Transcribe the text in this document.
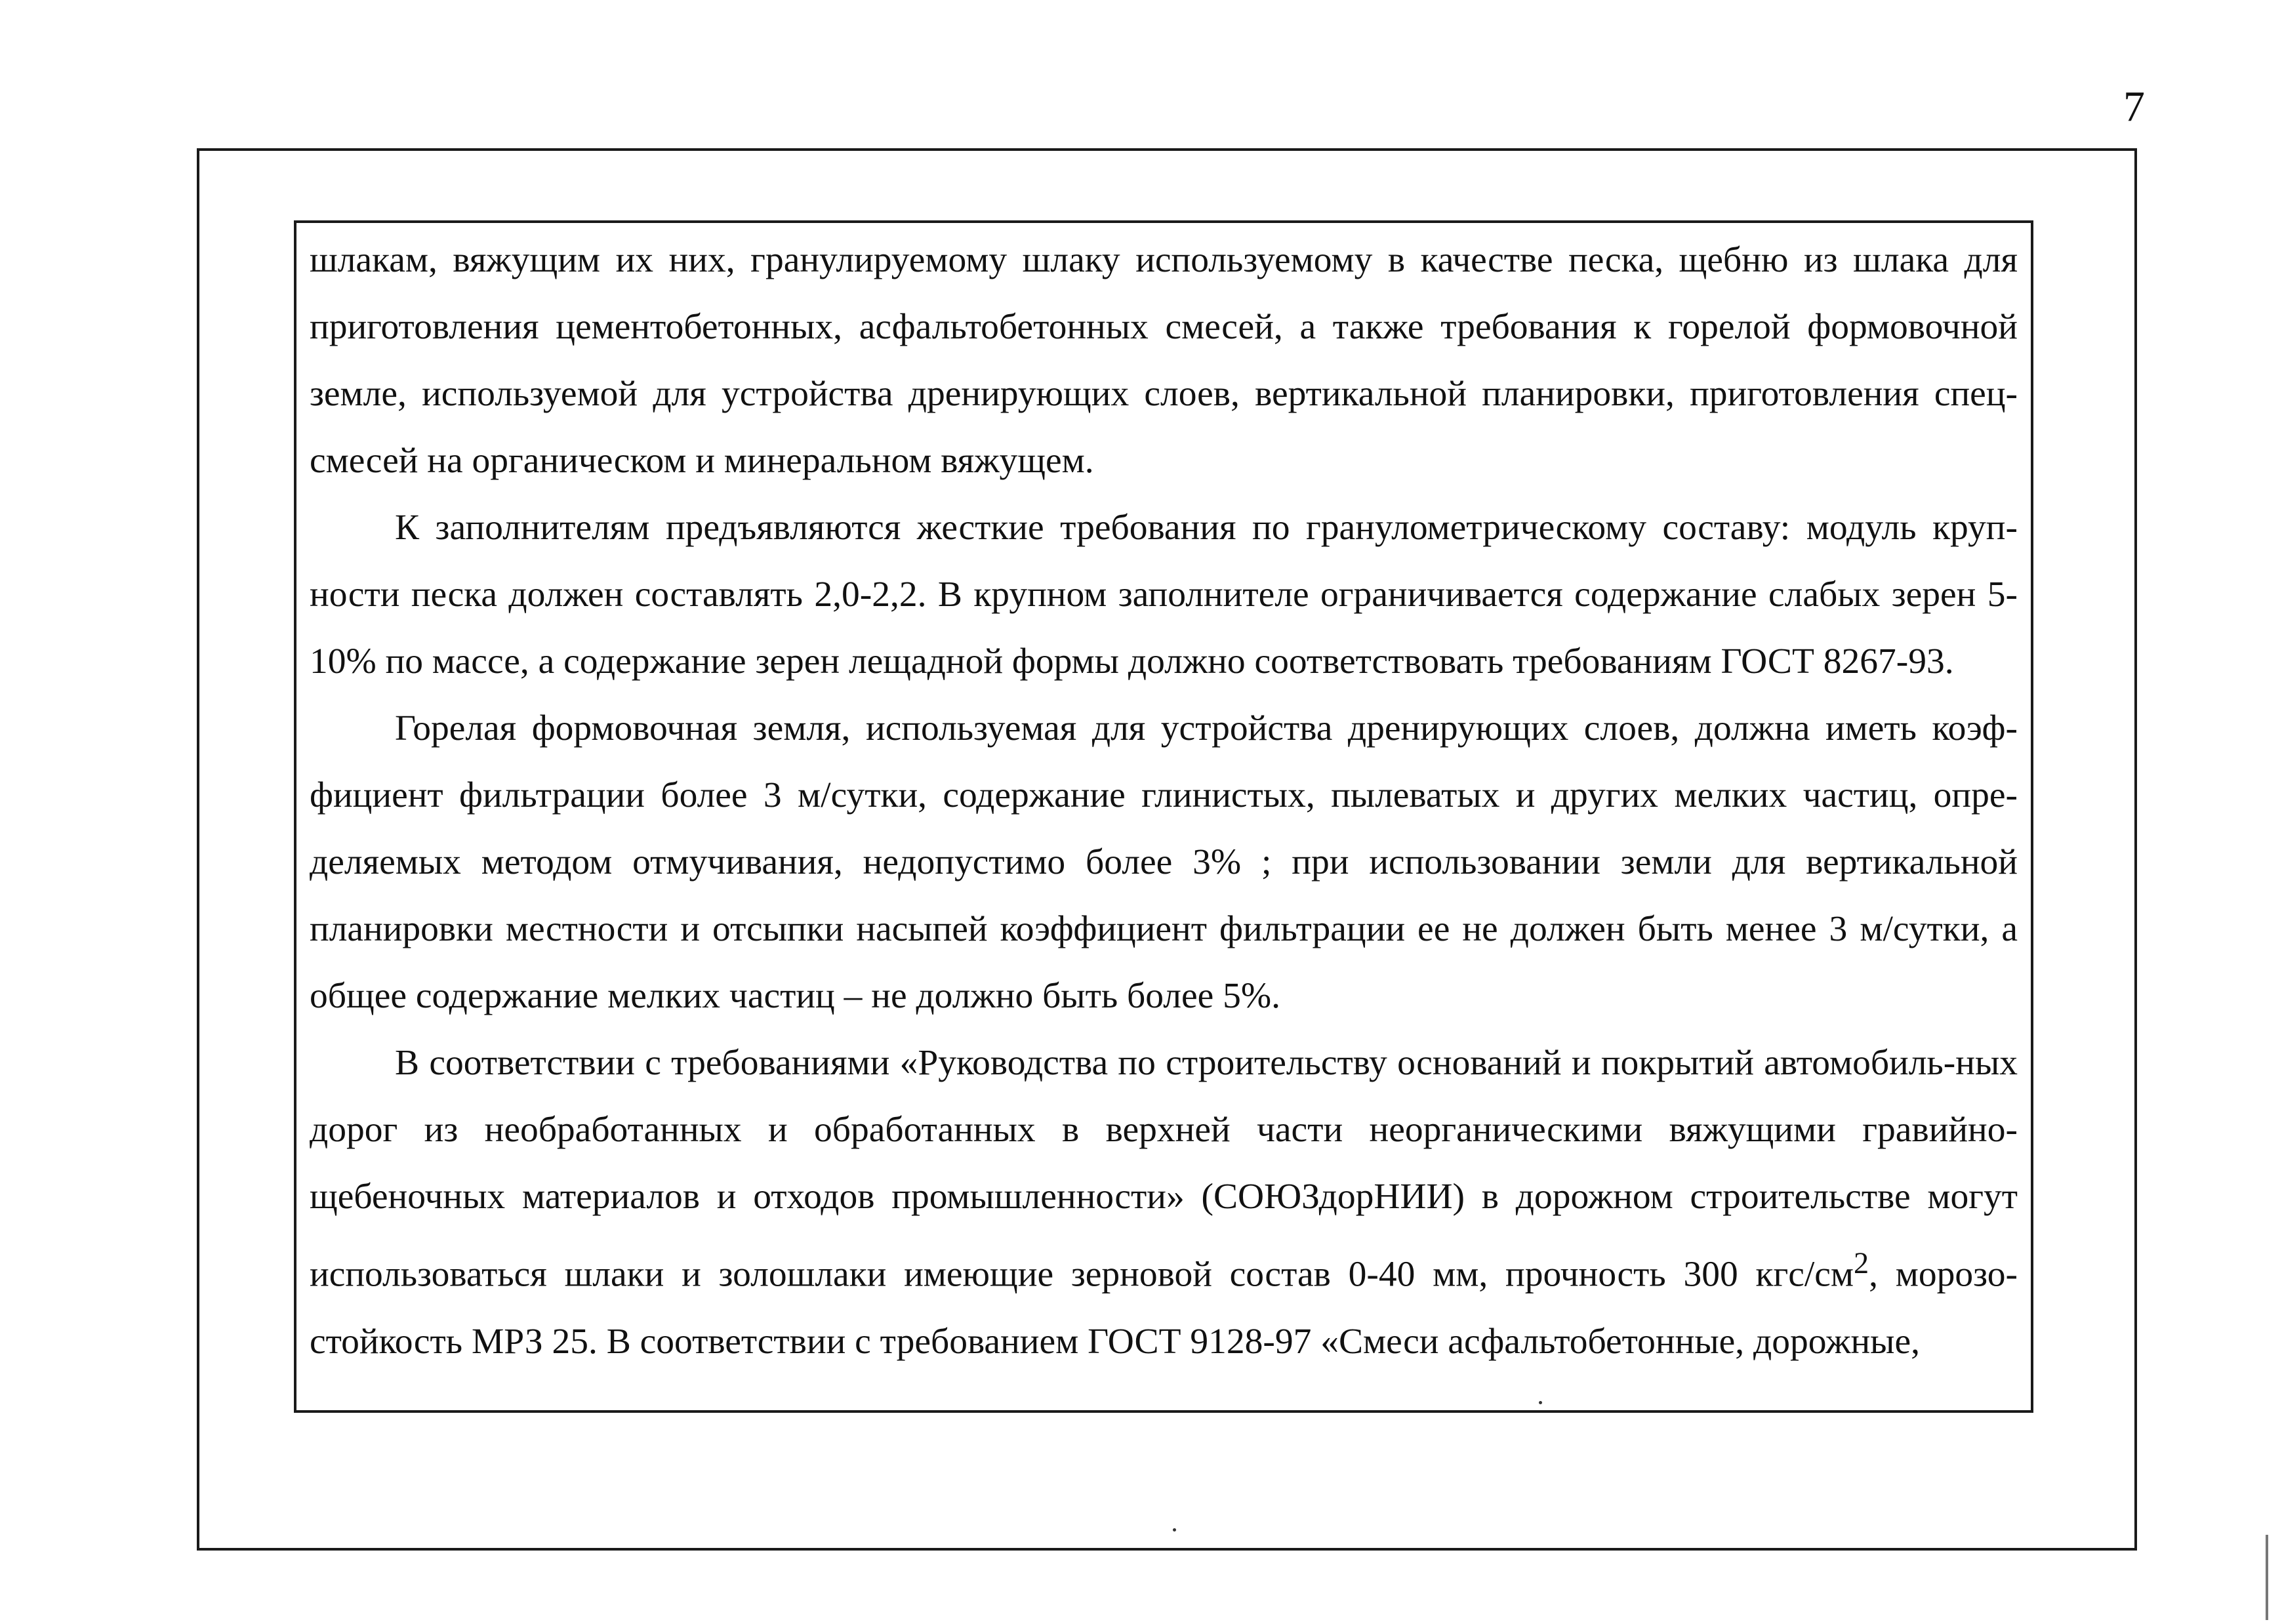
7

шлакам, вяжущим их них, гранулируемому шлаку используемому в качестве песка, щебню из шлака для приготовления цементобетонных, асфальтобетонных смесей, а также требования к горелой формовочной земле, используемой для устройства дренирующих слоев, вертикальной планировки, приготовления спец-смесей на органическом и минеральном вяжущем.

К заполнителям предъявляются жесткие требования по гранулометрическому составу: модуль круп-ности песка должен составлять 2,0-2,2. В крупном заполнителе ограничивается содержание слабых зерен 5-10% по массе, а содержание зерен лещадной формы должно соответствовать требованиям ГОСТ 8267-93.

Горелая формовочная земля, используемая для устройства дренирующих слоев, должна иметь коэф-фициент фильтрации более 3 м/сутки, содержание глинистых, пылеватых и других мелких частиц, опре-деляемых методом отмучивания, недопустимо более 3% ; при использовании земли для вертикальной планировки местности и отсыпки насыпей коэффициент фильтрации ее не должен быть менее 3 м/сутки, а общее содержание мелких частиц – не должно быть более 5%.

В соответствии с требованиями «Руководства по строительству оснований и покрытий автомобиль-ных дорог из необработанных и обработанных в верхней части неорганическими вяжущими гравийно-щебеночных материалов и отходов промышленности» (СОЮЗдорНИИ) в дорожном строительстве могут использоваться шлаки и золошлаки имеющие зерновой состав 0-40 мм, прочность 300 кгс/$см^2$, морозо-стойкость МРЗ 25. В соответствии с требованием ГОСТ 9128-97 «Смеси асфальтобетонные, дорожные,
